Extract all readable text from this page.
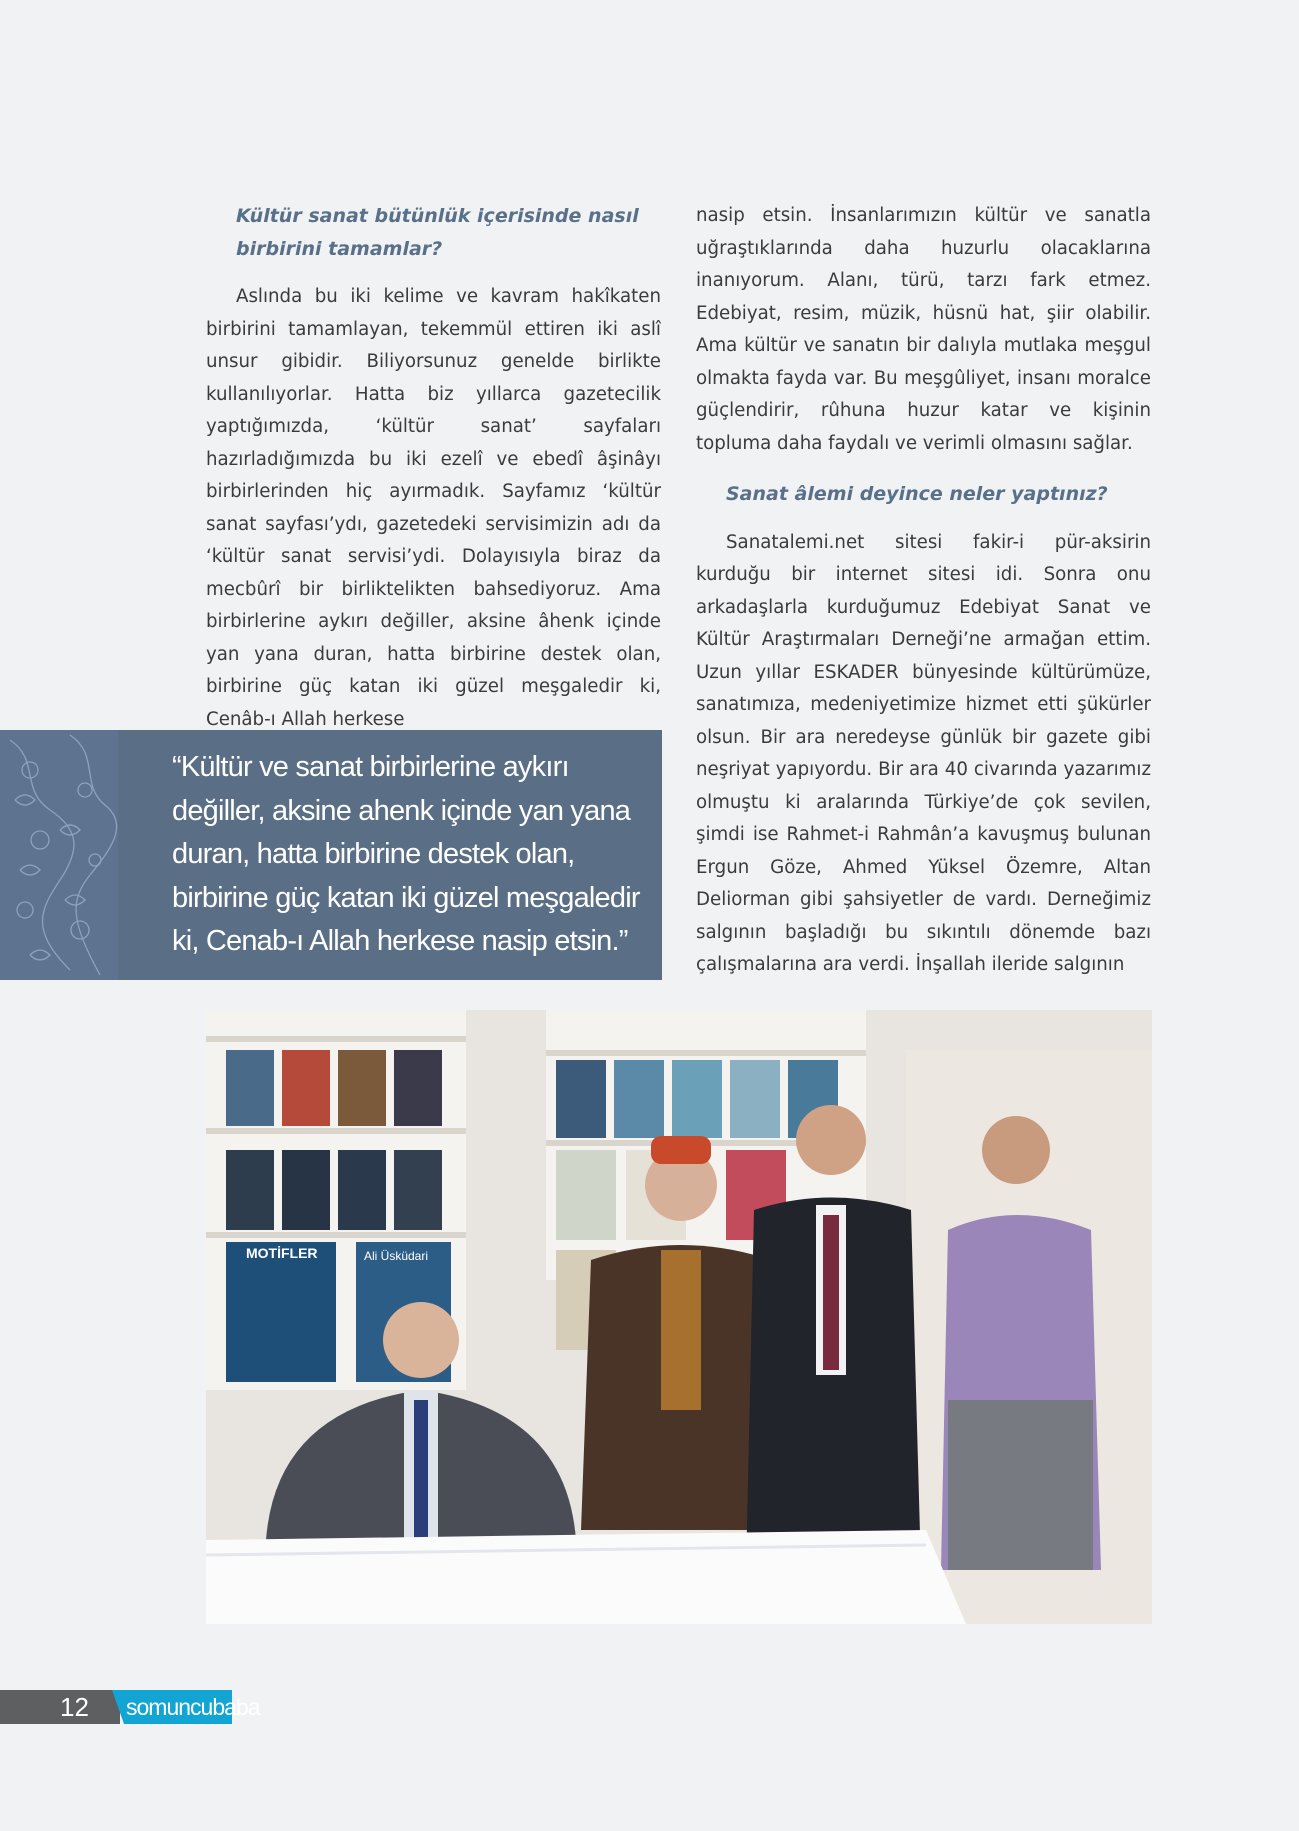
Kültür sanat bütünlük içerisinde nasıl birbirini tamamlar?

Aslında bu iki kelime ve kavram hakîkaten birbirini tamamlayan, tekemmül ettiren iki aslî unsur gibidir. Biliyorsunuz genelde birlikte kullanılıyorlar. Hatta biz yıllarca gazetecilik yaptığımızda, ‘kültür sanat’ sayfaları hazırladığımızda bu iki ezelî ve ebedî âşinâyı birbirlerinden hiç ayırmadık. Sayfamız ‘kültür sanat sayfası’ydı, gazetedeki servisimizin adı da ‘kültür sanat servisi’ydi. Dolayısıyla biraz da mecbûrî bir birliktelikten bahsediyoruz. Ama birbirlerine aykırı değiller, aksine âhenk içinde yan yana duran, hatta birbirine destek olan, birbirine güç katan iki güzel meşgaledir ki, Cenâb-ı Allah herkese

nasip etsin. İnsanlarımızın kültür ve sanatla uğraştıklarında daha huzurlu olacaklarına inanıyorum. Alanı, türü, tarzı fark etmez. Edebiyat, resim, müzik, hüsnü hat, şiir olabilir. Ama kültür ve sanatın bir dalıyla mutlaka meşgul olmakta fayda var. Bu meşgûliyet, insanı moralce güçlendirir, rûhuna huzur katar ve kişinin topluma daha faydalı ve verimli olmasını sağlar.

Sanat âlemi deyince neler yaptınız?

Sanatalemi.net sitesi fakir-i pür-aksirin kurduğu bir internet sitesi idi. Sonra onu arkadaşlarla kurduğumuz Edebiyat Sanat ve Kültür Araştırmaları Derneği’ne armağan ettim. Uzun yıllar ESKADER bünyesinde kültürümüze, sanatımıza, medeniyetimize hizmet etti şükürler olsun. Bir ara neredeyse günlük bir gazete gibi neşriyat yapıyordu. Bir ara 40 civarında yazarımız olmuştu ki aralarında Türkiye’de çok sevilen, şimdi ise Rahmet-i Rahmân’a kavuşmuş bulunan Ergun Göze, Ahmed Yüksel Özemre, Altan Deliorman gibi şahsiyetler de vardı. Derneğimiz salgının başladığı bu sıkıntılı dönemde bazı çalışmalarına ara verdi. İnşallah ileride salgının

“Kültür ve sanat birbirlerine aykırı değiller, aksine ahenk içinde yan yana duran, hatta birbirine destek olan, birbirine güç katan iki güzel meşgaledir ki, Cenab-ı Allah herkese nasip etsin.”

MOTİFLER	Ali Üsküdari
12 somuncubaba
